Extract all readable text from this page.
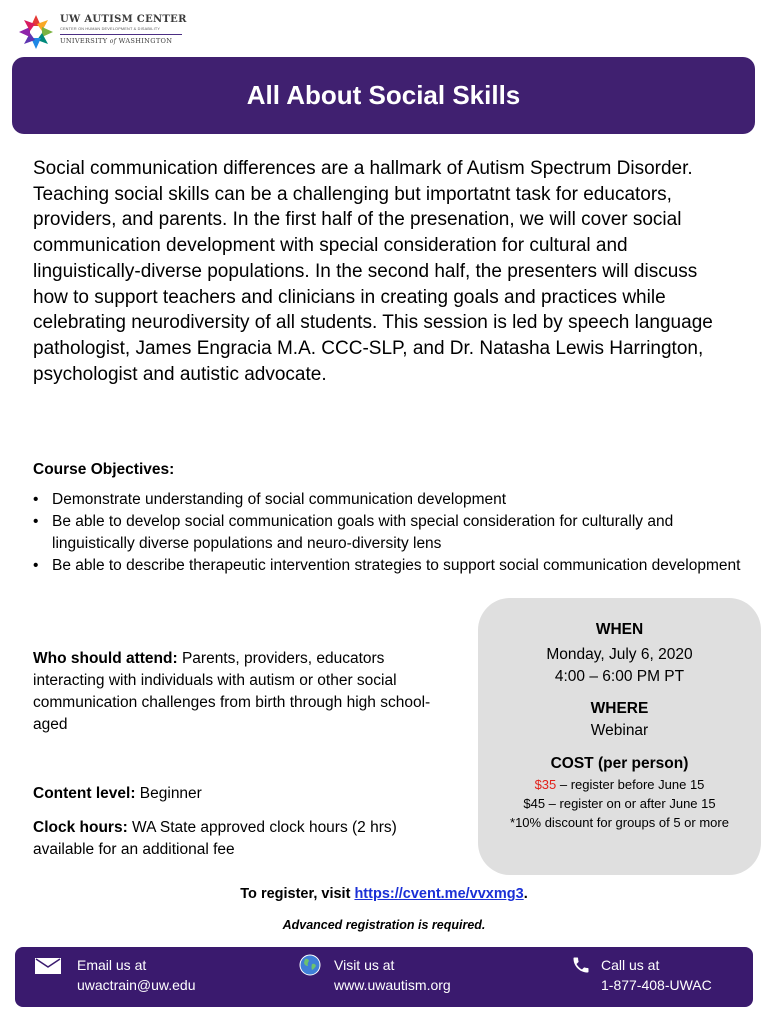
UW AUTISM CENTER
CENTER ON HUMAN DEVELOPMENT & DISABILITY
UNIVERSITY of WASHINGTON
All About Social Skills

Social communication differences are a hallmark of Autism Spectrum Disorder. Teaching social skills can be a challenging but importatnt task for educators, providers, and parents. In the first half of the presenation, we will cover social communication development with special consideration for cultural and linguistically-diverse populations. In the second half, the presenters will discuss how to support teachers and clinicians in creating goals and practices while celebrating neurodiversity of all students. This session is led by speech language pathologist, James Engracia M.A. CCC-SLP, and Dr. Natasha Lewis Harrington, psychologist and autistic advocate.

Course Objectives:

• Demonstrate understanding of social communication development
• Be able to develop social communication goals with special consideration for culturally and linguistically diverse populations and neuro-diversity lens
• Be able to describe therapeutic intervention strategies to support social communication development

Who should attend: Parents, providers, educators interacting with individuals with autism or other social communication challenges from birth through high school-aged

Content level: Beginner

Clock hours: WA State approved clock hours (2 hrs) available for an additional fee

WHEN
Monday, July 6, 2020
4:00 – 6:00 PM PT
WHERE
Webinar
COST (per person)
$35 – register before June 15
$45 – register on or after June 15
*10% discount for groups of 5 or more
To register, visit https://cvent.me/vvxmg3.
Advanced registration is required.
Email us at
uwactrain@uw.edu
Visit us at
www.uwautism.org
Call us at
1-877-408-UWAC
